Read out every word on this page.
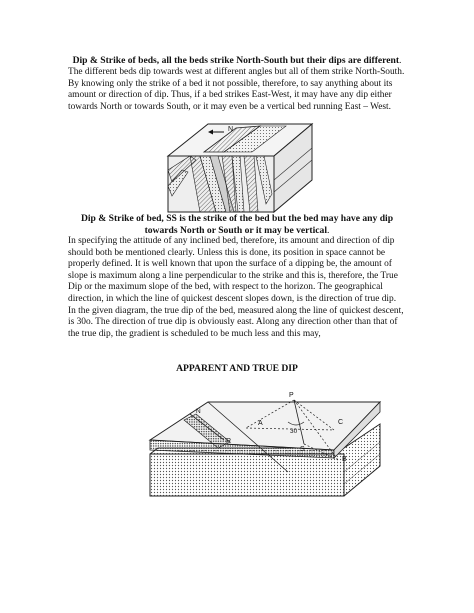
Dip & Strike of beds, all the beds strike North-South but their dips are different.

The different beds dip towards west at different angles but all of them strike North-South. By knowing only the strike of a bed it not possible, therefore, to say anything about its amount or direction of dip. Thus, if a bed strikes East-West, it may have any dip either towards North or towards South, or it may even be a vertical bed running East – West.

N
Dip & Strike of bed, SS is the strike of the bed but the bed may have any dip
towards North or South or it may be vertical.

In specifying the attitude of any inclined bed, therefore, its amount and direction of dip should both be mentioned clearly. Unless this is done, its position in space cannot be properly defined. It is well known that upon the surface of a dipping be, the amount of slope is maximum along a line perpendicular to the strike and this is, therefore, the True Dip or the maximum slope of the bed, with respect to the horizon. The geographical direction, in which the line of quickest descent slopes down, is the direction of true dip. In the given diagram, the true dip of the bed, measured along the line of quickest descent, is 30o. The direction of true dip is obviously east. Along any direction other than that of the true dip, the gradient is scheduled to be much less and this may,

APPARENT AND TRUE DIP
P
A	C
30
R
S
B
N
